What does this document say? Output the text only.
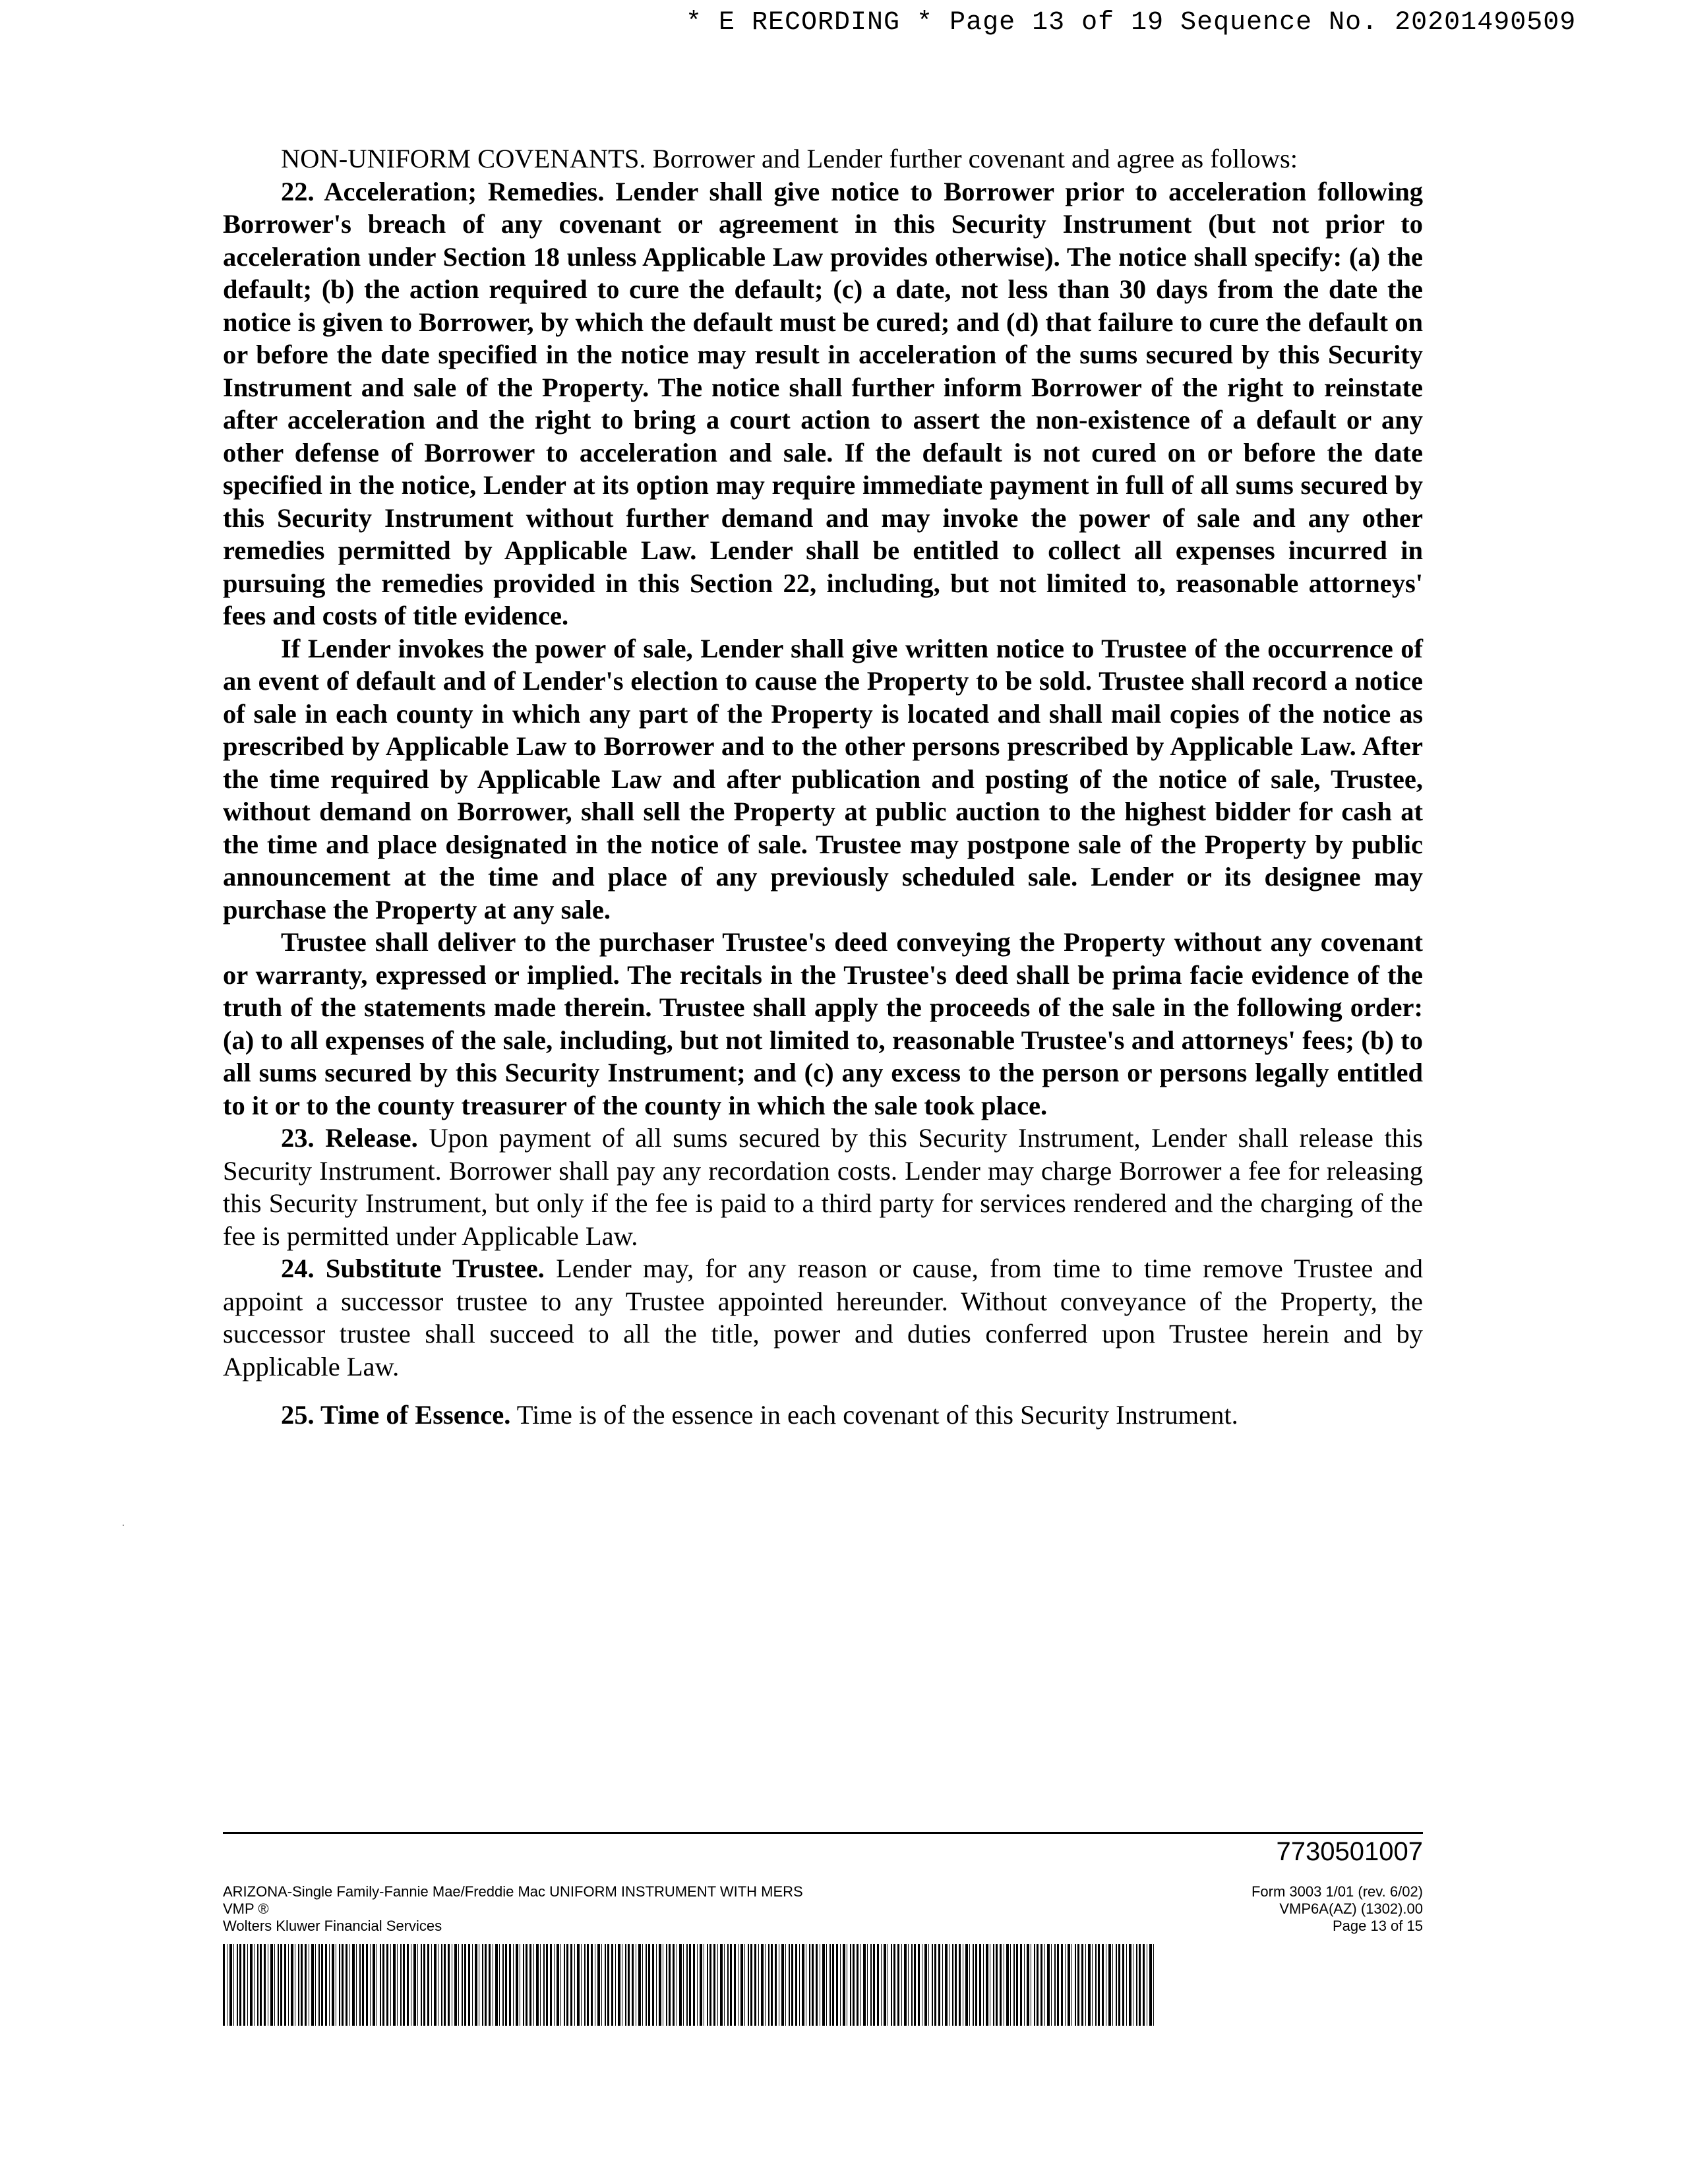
* E RECORDING * Page 13 of 19 Sequence No. 20201490509

NON-UNIFORM COVENANTS. Borrower and Lender further covenant and agree as follows:

22. Acceleration; Remedies. Lender shall give notice to Borrower prior to acceleration following Borrower's breach of any covenant or agreement in this Security Instrument (but not prior to acceleration under Section 18 unless Applicable Law provides otherwise). The notice shall specify: (a) the default; (b) the action required to cure the default; (c) a date, not less than 30 days from the date the notice is given to Borrower, by which the default must be cured; and (d) that failure to cure the default on or before the date specified in the notice may result in acceleration of the sums secured by this Security Instrument and sale of the Property. The notice shall further inform Borrower of the right to reinstate after acceleration and the right to bring a court action to assert the non-existence of a default or any other defense of Borrower to acceleration and sale. If the default is not cured on or before the date specified in the notice, Lender at its option may require immediate payment in full of all sums secured by this Security Instrument without further demand and may invoke the power of sale and any other remedies permitted by Applicable Law. Lender shall be entitled to collect all expenses incurred in pursuing the remedies provided in this Section 22, including, but not limited to, reasonable attorneys' fees and costs of title evidence.

If Lender invokes the power of sale, Lender shall give written notice to Trustee of the occurrence of an event of default and of Lender's election to cause the Property to be sold. Trustee shall record a notice of sale in each county in which any part of the Property is located and shall mail copies of the notice as prescribed by Applicable Law to Borrower and to the other persons prescribed by Applicable Law. After the time required by Applicable Law and after publication and posting of the notice of sale, Trustee, without demand on Borrower, shall sell the Property at public auction to the highest bidder for cash at the time and place designated in the notice of sale. Trustee may postpone sale of the Property by public announcement at the time and place of any previously scheduled sale. Lender or its designee may purchase the Property at any sale.

Trustee shall deliver to the purchaser Trustee's deed conveying the Property without any covenant or warranty, expressed or implied. The recitals in the Trustee's deed shall be prima facie evidence of the truth of the statements made therein. Trustee shall apply the proceeds of the sale in the following order: (a) to all expenses of the sale, including, but not limited to, reasonable Trustee's and attorneys' fees; (b) to all sums secured by this Security Instrument; and (c) any excess to the person or persons legally entitled to it or to the county treasurer of the county in which the sale took place.

23. Release. Upon payment of all sums secured by this Security Instrument, Lender shall release this Security Instrument. Borrower shall pay any recordation costs. Lender may charge Borrower a fee for releasing this Security Instrument, but only if the fee is paid to a third party for services rendered and the charging of the fee is permitted under Applicable Law.

24. Substitute Trustee. Lender may, for any reason or cause, from time to time remove Trustee and appoint a successor trustee to any Trustee appointed hereunder. Without conveyance of the Property, the successor trustee shall succeed to all the title, power and duties conferred upon Trustee herein and by Applicable Law.

25. Time of Essence. Time is of the essence in each covenant of this Security Instrument.

7730501007
ARIZONA-Single Family-Fannie Mae/Freddie Mac UNIFORM INSTRUMENT WITH MERS
VMP ®
Wolters Kluwer Financial Services
Form 3003 1/01 (rev. 6/02)
VMP6A(AZ) (1302).00
Page 13 of 15
